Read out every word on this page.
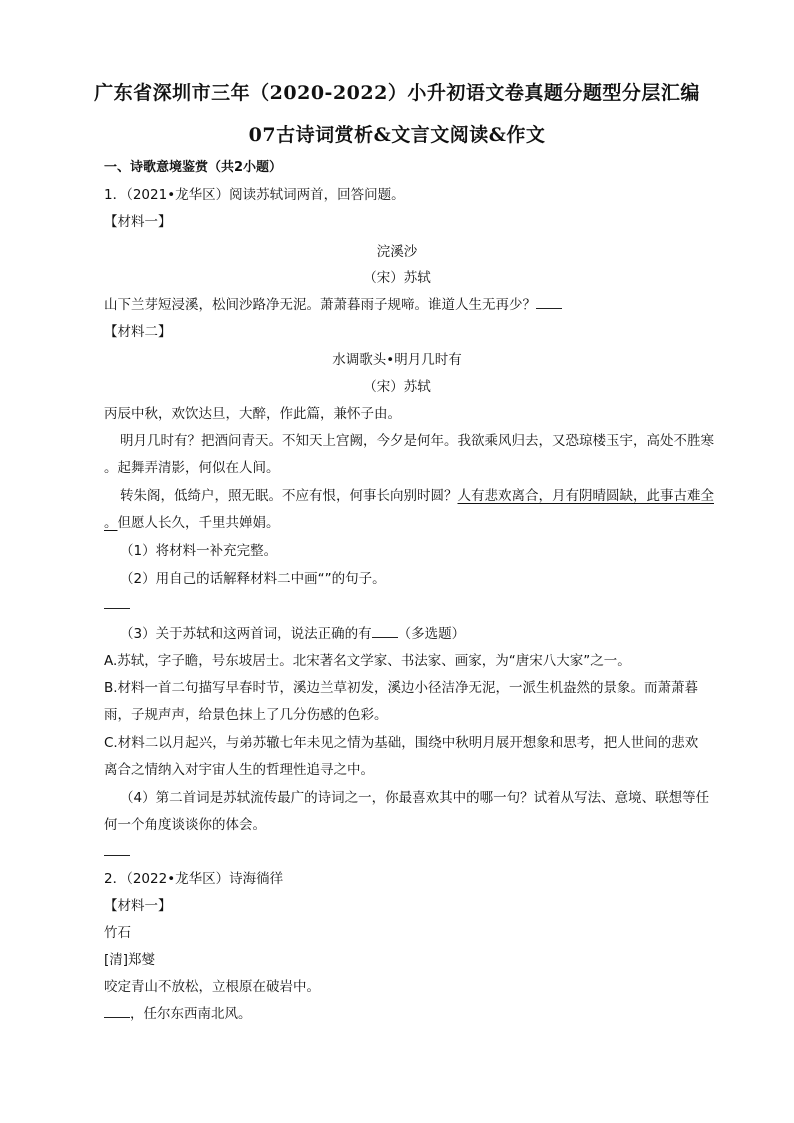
广东省深圳市三年（2020-2022）小升初语文卷真题分题型分层汇编
07古诗词赏析&文言文阅读&作文
一、诗歌意境鉴赏（共2小题）
1．（2021•龙华区）阅读苏轼词两首，回答问题。
【材料一】
浣溪沙
（宋）苏轼
山下兰芽短浸溪，松间沙路净无泥。萧萧暮雨子规啼。谁道人生无再少？
【材料二】
水调歌头•明月几时有
（宋）苏轼
丙辰中秋，欢饮达旦，大醉，作此篇，兼怀子由。
明月几时有？把酒问青天。不知天上宫阙，今夕是何年。我欲乘风归去，又恐琼楼玉宇，高处不胜寒
。起舞弄清影，何似在人间。
转朱阁，低绮户，照无眠。不应有恨，何事长向别时圆？人有悲欢离合，月有阴晴圆缺，此事古难全
。但愿人长久，千里共婵娟。
（1）将材料一补充完整。
（2）用自己的话解释材料二中画“”的句子。
（3）关于苏轼和这两首词，说法正确的有 （多选题）
A.苏轼，字子瞻，号东坡居士。北宋著名文学家、书法家、画家，为“唐宋八大家”之一。
B.材料一首二句描写早春时节，溪边兰草初发，溪边小径洁净无泥，一派生机盎然的景象。而萧萧暮
雨，子规声声，给景色抹上了几分伤感的色彩。
C.材料二以月起兴，与弟苏辙七年未见之情为基础，围绕中秋明月展开想象和思考，把人世间的悲欢
离合之情纳入对宇宙人生的哲理性追寻之中。
（4）第二首词是苏轼流传最广的诗词之一，你最喜欢其中的哪一句？试着从写法、意境、联想等任
何一个角度谈谈你的体会。
2．（2022•龙华区）诗海徜徉
【材料一】
竹石
[清]郑燮
咬定青山不放松，立根原在破岩中。
，任尔东西南北风。
